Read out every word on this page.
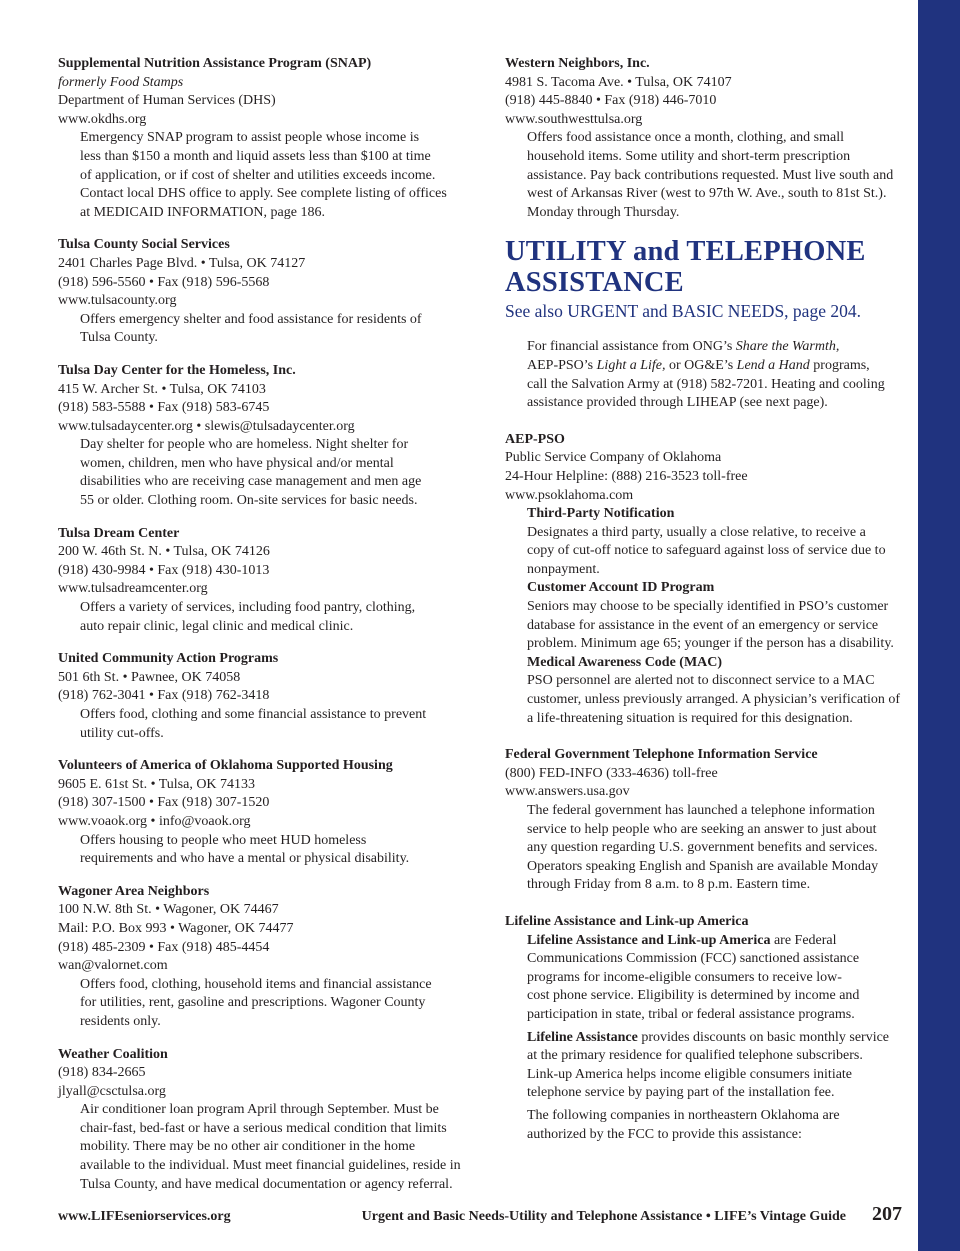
Supplemental Nutrition Assistance Program (SNAP)
formerly Food Stamps
Department of Human Services (DHS)
www.okdhs.org
Emergency SNAP program to assist people whose income is
less than $150 a month and liquid assets less than $100 at time
of application, or if cost of shelter and utilities exceeds income.
Contact local DHS office to apply. See complete listing of offices
at MEDICAID INFORMATION, page 186.
Tulsa County Social Services
2401 Charles Page Blvd. • Tulsa, OK 74127
(918) 596-5560 • Fax (918) 596-5568
www.tulsacounty.org
Offers emergency shelter and food assistance for residents of
Tulsa County.
Tulsa Day Center for the Homeless, Inc.
415 W. Archer St. • Tulsa, OK 74103
(918) 583-5588 • Fax (918) 583-6745
www.tulsadaycenter.org • slewis@tulsadaycenter.org
Day shelter for people who are homeless. Night shelter for
women, children, men who have physical and/or mental
disabilities who are receiving case management and men age
55 or older. Clothing room. On-site services for basic needs.
Tulsa Dream Center
200 W. 46th St. N. • Tulsa, OK 74126
(918) 430-9984 • Fax (918) 430-1013
www.tulsadreamcenter.org
Offers a variety of services, including food pantry, clothing,
auto repair clinic, legal clinic and medical clinic.
United Community Action Programs
501 6th St. • Pawnee, OK 74058
(918) 762-3041 • Fax (918) 762-3418
Offers food, clothing and some financial assistance to prevent
utility cut-offs.
Volunteers of America of Oklahoma Supported Housing
9605 E. 61st St. • Tulsa, OK 74133
(918) 307-1500 • Fax (918) 307-1520
www.voaok.org • info@voaok.org
Offers housing to people who meet HUD homeless
requirements and who have a mental or physical disability.
Wagoner Area Neighbors
100 N.W. 8th St. • Wagoner, OK 74467
Mail: P.O. Box 993 • Wagoner, OK 74477
(918) 485-2309 • Fax (918) 485-4454
wan@valornet.com
Offers food, clothing, household items and financial assistance
for utilities, rent, gasoline and prescriptions. Wagoner County
residents only.
Weather Coalition
(918) 834-2665
jlyall@csctulsa.org
Air conditioner loan program April through September. Must be
chair-fast, bed-fast or have a serious medical condition that limits
mobility. There may be no other air conditioner in the home
available to the individual. Must meet financial guidelines, reside in
Tulsa County, and have medical documentation or agency referral.
Western Neighbors, Inc.
4981 S. Tacoma Ave. • Tulsa, OK 74107
(918) 445-8840 • Fax (918) 446-7010
www.southwesttulsa.org
Offers food assistance once a month, clothing, and small
household items. Some utility and short-term prescription
assistance. Pay back contributions requested. Must live south and
west of Arkansas River (west to 97th W. Ave., south to 81st St.).
Monday through Thursday.
UTILITY and TELEPHONE
ASSISTANCE
See also URGENT and BASIC NEEDS, page 204.
For financial assistance from ONG’s Share the Warmth,
AEP-PSO’s Light a Life, or OG&E’s Lend a Hand programs,
call the Salvation Army at (918) 582-7201. Heating and cooling
assistance provided through LIHEAP (see next page).
AEP-PSO
Public Service Company of Oklahoma
24-Hour Helpline: (888) 216-3523 toll-free
www.psoklahoma.com
Third-Party Notification
Designates a third party, usually a close relative, to receive a
copy of cut-off notice to safeguard against loss of service due to
nonpayment.
Customer Account ID Program
Seniors may choose to be specially identified in PSO’s customer
database for assistance in the event of an emergency or service
problem. Minimum age 65; younger if the person has a disability.
Medical Awareness Code (MAC)
PSO personnel are alerted not to disconnect service to a MAC
customer, unless previously arranged. A physician’s verification of
a life-threatening situation is required for this designation.
Federal Government Telephone Information Service
(800) FED-INFO (333-4636) toll-free
www.answers.usa.gov
The federal government has launched a telephone information
service to help people who are seeking an answer to just about
any question regarding U.S. government benefits and services.
Operators speaking English and Spanish are available Monday
through Friday from 8 a.m. to 8 p.m. Eastern time.
Lifeline Assistance and Link-up America
Lifeline Assistance and Link-up America are Federal
Communications Commission (FCC) sanctioned assistance
programs for income-eligible consumers to receive low-
cost phone service. Eligibility is determined by income and
participation in state, tribal or federal assistance programs.
Lifeline Assistance provides discounts on basic monthly service
at the primary residence for qualified telephone subscribers.
Link-up America helps income eligible consumers initiate
telephone service by paying part of the installation fee.
The following companies in northeastern Oklahoma are
authorized by the FCC to provide this assistance:
www.LIFEseniorservices.org	Urgent and Basic Needs-Utility and Telephone Assistance • LIFE’s Vintage Guide 207
